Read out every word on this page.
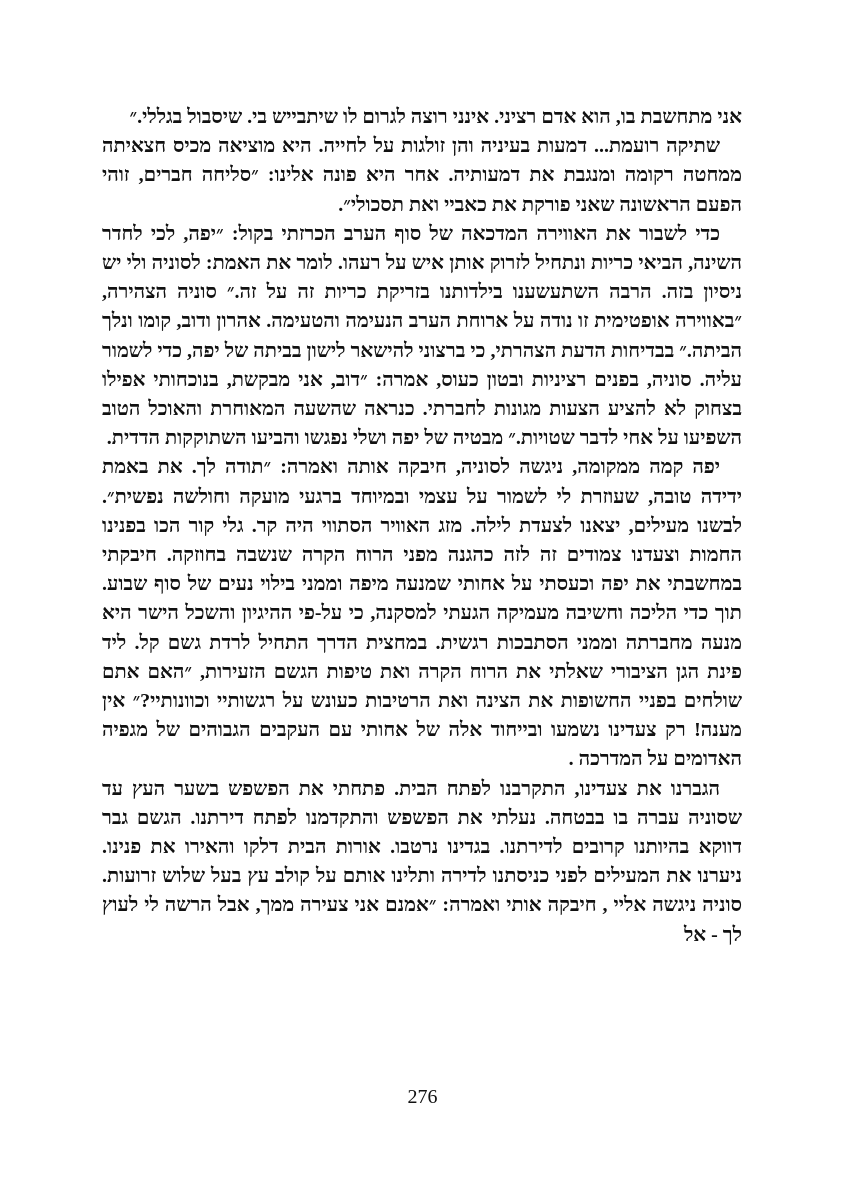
אני מתחשבת בו, הוא אדם רציני. אינני רוצה לגרום לו שיתבייש בי. שיסבול בגללי.״

שתיקה רועמת... דמעות בעיניה והן זולגות על לחייה. היא מוציאה מכיס חצאיתה ממחטה רקומה ומנגבת את דמעותיה. אחר היא פונה אלינו: ״סליחה חברים, זוהי הפעם הראשונה שאני פורקת את כאביי ואת תסכולי״.

כדי לשבור את האווירה המדכאה של סוף הערב הכרזתי בקול: ״יפה, לכי לחדר השינה, הביאי כריות ונתחיל לזרוק אותן איש על רעהו. לומר את האמת: לסוניה ולי יש ניסיון בזה. הרבה השתעשענו בילדותנו בזריקת כריות זה על זה.״ סוניה הצהירה, ״באווירה אופטימית זו נודה על ארוחת הערב הנעימה והטעימה. אהרון ודוב, קומו ונלך הביתה.״ בבדיחות הדעת הצהרתי, כי ברצוני להישאר לישון בביתה של יפה, כדי לשמור עליה. סוניה, בפנים רציניות ובטון כעוס, אמרה: ״דוב, אני מבקשת, בנוכחותי אפילו בצחוק לא להציע הצעות מגונות לחברתי. כנראה שהשעה המאוחרת והאוכל הטוב השפיעו על אחי לדבר שטויות.״ מבטיה של יפה ושלי נפגשו והביעו השתוקקות הדדית.

יפה קמה ממקומה, ניגשה לסוניה, חיבקה אותה ואמרה: ״תודה לך. את באמת ידידה טובה, שעוזרת לי לשמור על עצמי ובמיוחד ברגעי מועקה וחולשה נפשית״. לבשנו מעילים, יצאנו לצעדת לילה. מזג האוויר הסתווי היה קר. גלי קור הכו בפנינו החמות וצעדנו צמודים זה לזה כהגנה מפני הרוח הקרה שנשבה בחוזקה. חיבקתי במחשבתי את יפה וכעסתי על אחותי שמנעה מיפה וממני בילוי נעים של סוף שבוע. תוך כדי הליכה וחשיבה מעמיקה הגעתי למסקנה, כי על-פי ההיגיון והשכל הישר היא מנעה מחברתה וממני הסתבכות רגשית. במחצית הדרך התחיל לרדת גשם קל. ליד פינת הגן הציבורי שאלתי את הרוח הקרה ואת טיפות הגשם הזעירות, ״האם אתם שולחים בפניי החשופות את הצינה ואת הרטיבות כעונש על רגשותיי וכוונותיי?״ אין מענה! רק צעדינו נשמעו ובייחוד אלה של אחותי עם העקבים הגבוהים של מגפיה האדומים על המדרכה .

הגברנו את צעדינו, התקרבנו לפתח הבית. פתחתי את הפשפש בשער העץ עד שסוניה עברה בו בבטחה. נעלתי את הפשפש והתקדמנו לפתח דירתנו. הגשם גבר דווקא בהיותנו קרובים לדירתנו. בגדינו נרטבו. אורות הבית דלקו והאירו את פנינו. ניערנו את המעילים לפני כניסתנו לדירה ותלינו אותם על קולב עץ בעל שלוש זרועות. סוניה ניגשה אליי , חיבקה אותי ואמרה: ״אמנם אני צעירה ממך, אבל הרשה לי לעוץ לך - אל

276
